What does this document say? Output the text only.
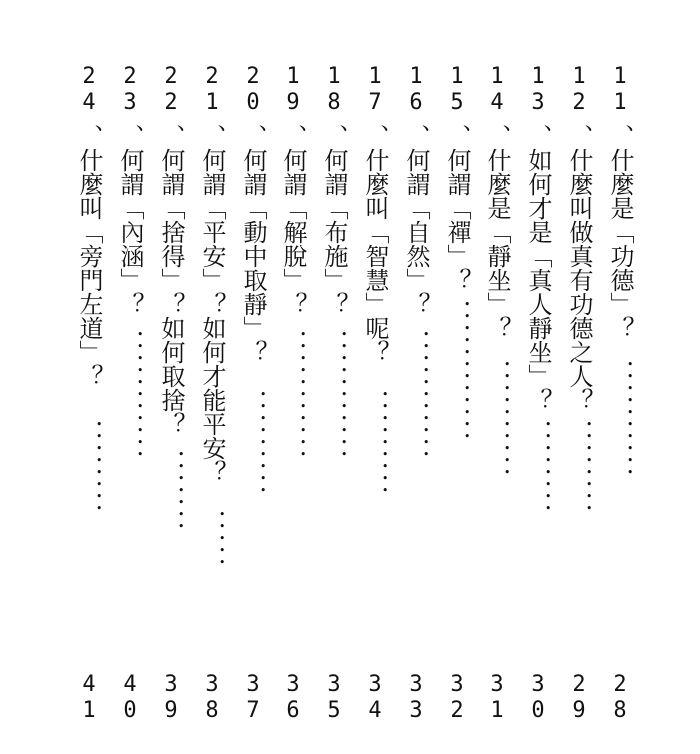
1
1
、什麼是「功德」？
．．．．．．．．．．
2
8
1
2
、什麼叫做真有功德之人？
．．．．．．．．
2
9
1
3
、如何才是「真人靜坐」？
．．．．．．．．
3
0
1
4
、什麼是「靜坐」？
．．．．．．．．．．
3
1
1
5
、何謂「禪」？
．．．．．．．．．．．．
3
2
1
6
、何謂「自然」？
．．．．．．．．．．．
3
3
1
7
、什麼叫「智慧」呢？
．．．．．．．．．
3
4
1
8
、何謂「布施」？
．．．．．．．．．．．
3
5
1
9
、何謂「解脫」？
．．．．．．．．．．．
3
6
2
0
、何謂「動中取靜」？
．．．．．．．．．
3
7
2
1
、何謂「平安」？如何才能平安？
．．．．．
3
8
2
2
、何謂「捨得」？如何取捨？
．．．．．．．
3
9
2
3
、何謂「內涵」？
．．．．．．．．．．．
4
0
2
4
、什麼叫「旁門左道」？
．．．．．．．．
4
1
